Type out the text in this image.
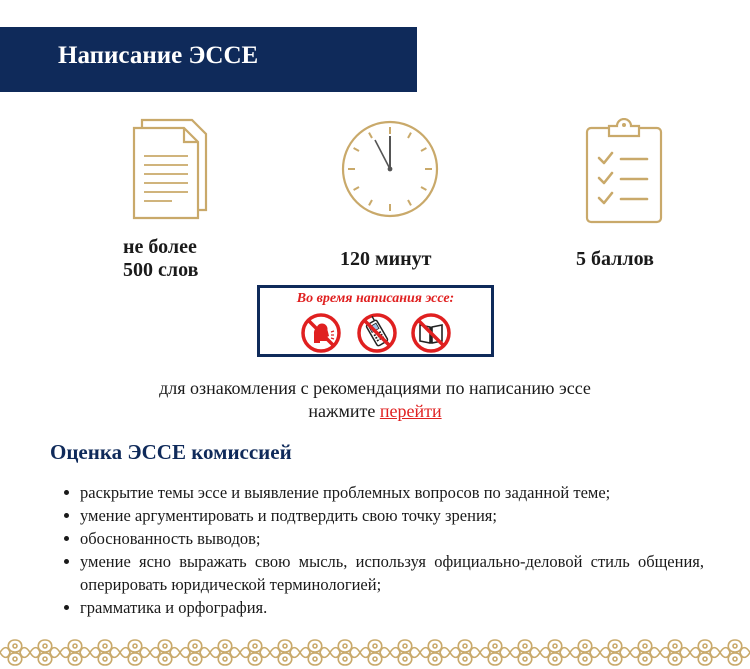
Написание ЭССЕ
не более
500 слов	120 минут	5 баллов
Во время написания эссе:
для ознакомления с рекомендациями по написанию эссе
нажмите перейти
Оценка ЭССЕ комиссией
раскрытие темы эссе и выявление проблемных вопросов по заданной теме;
умение аргументировать и подтвердить свою точку зрения;
обоснованность выводов;
умение ясно выражать свою мысль, используя официально-деловой стиль общения, оперировать юридической терминологией;
грамматика и орфография.
